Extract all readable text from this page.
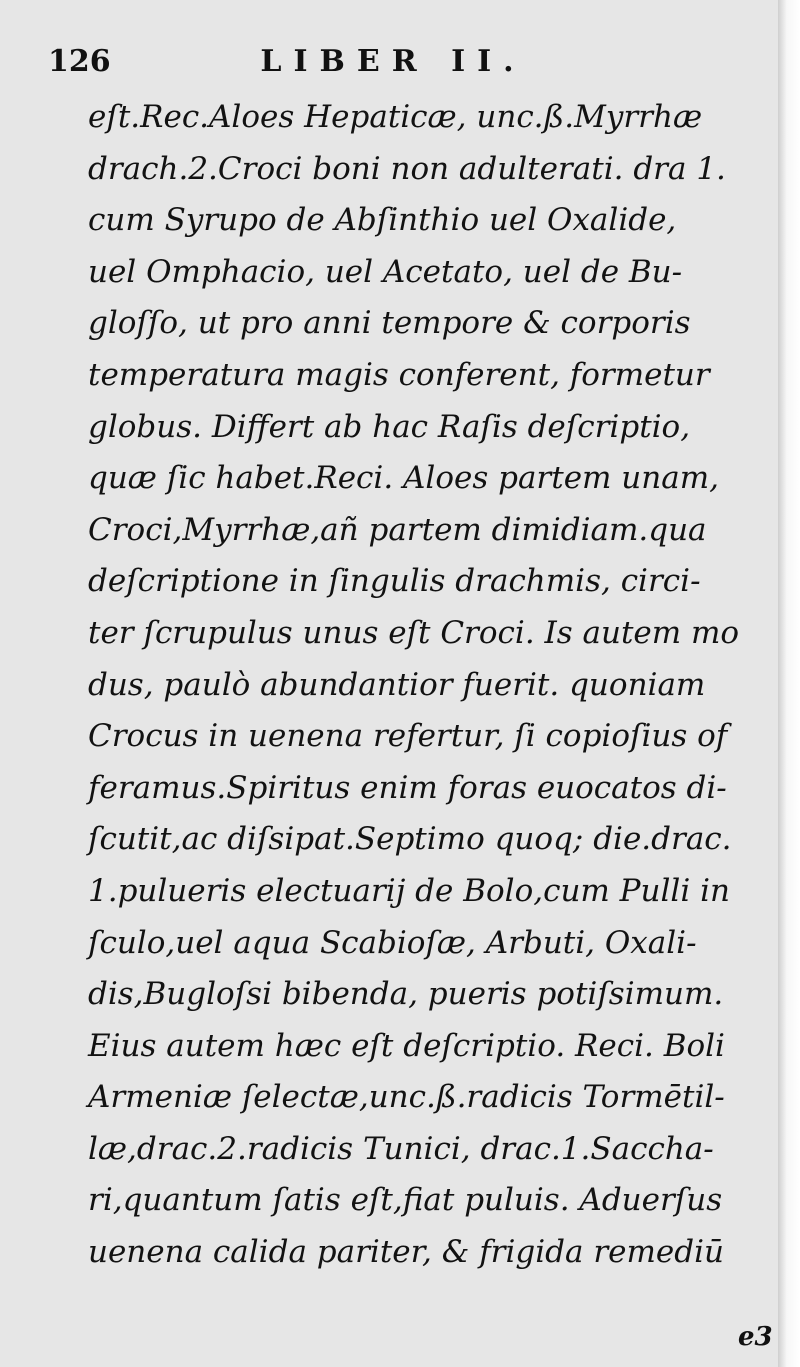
126	LIBER II.
eſt.Rec.Aloes Hepaticæ, unc.ß.Myrrhæ
drach.2.Croci boni non adulterati. dra 1.
cum Syrupo de Abſinthio uel Oxalide,
uel Omphacio, uel Acetato, uel de Bu-
gloſſo, ut pro anni tempore & corporis
temperatura magis conferent, formetur
globus. Differt ab hac Raſis deſcriptio,
quæ ſic habet.Reci. Aloes partem unam,
Croci,Myrrhæ,añ partem dimidiam.qua
deſcriptione in ſingulis drachmis, circi-
ter ſcrupulus unus eſt Croci. Is autem mo
dus, paulò abundantior fuerit. quoniam
Crocus in uenena refertur, ſi copioſius of
feramus.Spiritus enim foras euocatos di-
ſcutit,ac diſsipat.Septimo quoq; die.drac.
1.pulueris electuarij de Bolo,cum Pulli in
ſculo,uel aqua Scabioſæ, Arbuti, Oxali-
dis,Bugloſsi bibenda, pueris potiſsimum.
Eius autem hæc eſt deſcriptio. Reci. Boli
Armeniæ ſelectæ,unc.ß.radicis Tormētil-
læ,drac.2.radicis Tunici, drac.1.Saccha-
ri,quantum ſatis eſt,fiat puluis. Aduerſus
uenena calida pariter, & frigida remediū
e3
